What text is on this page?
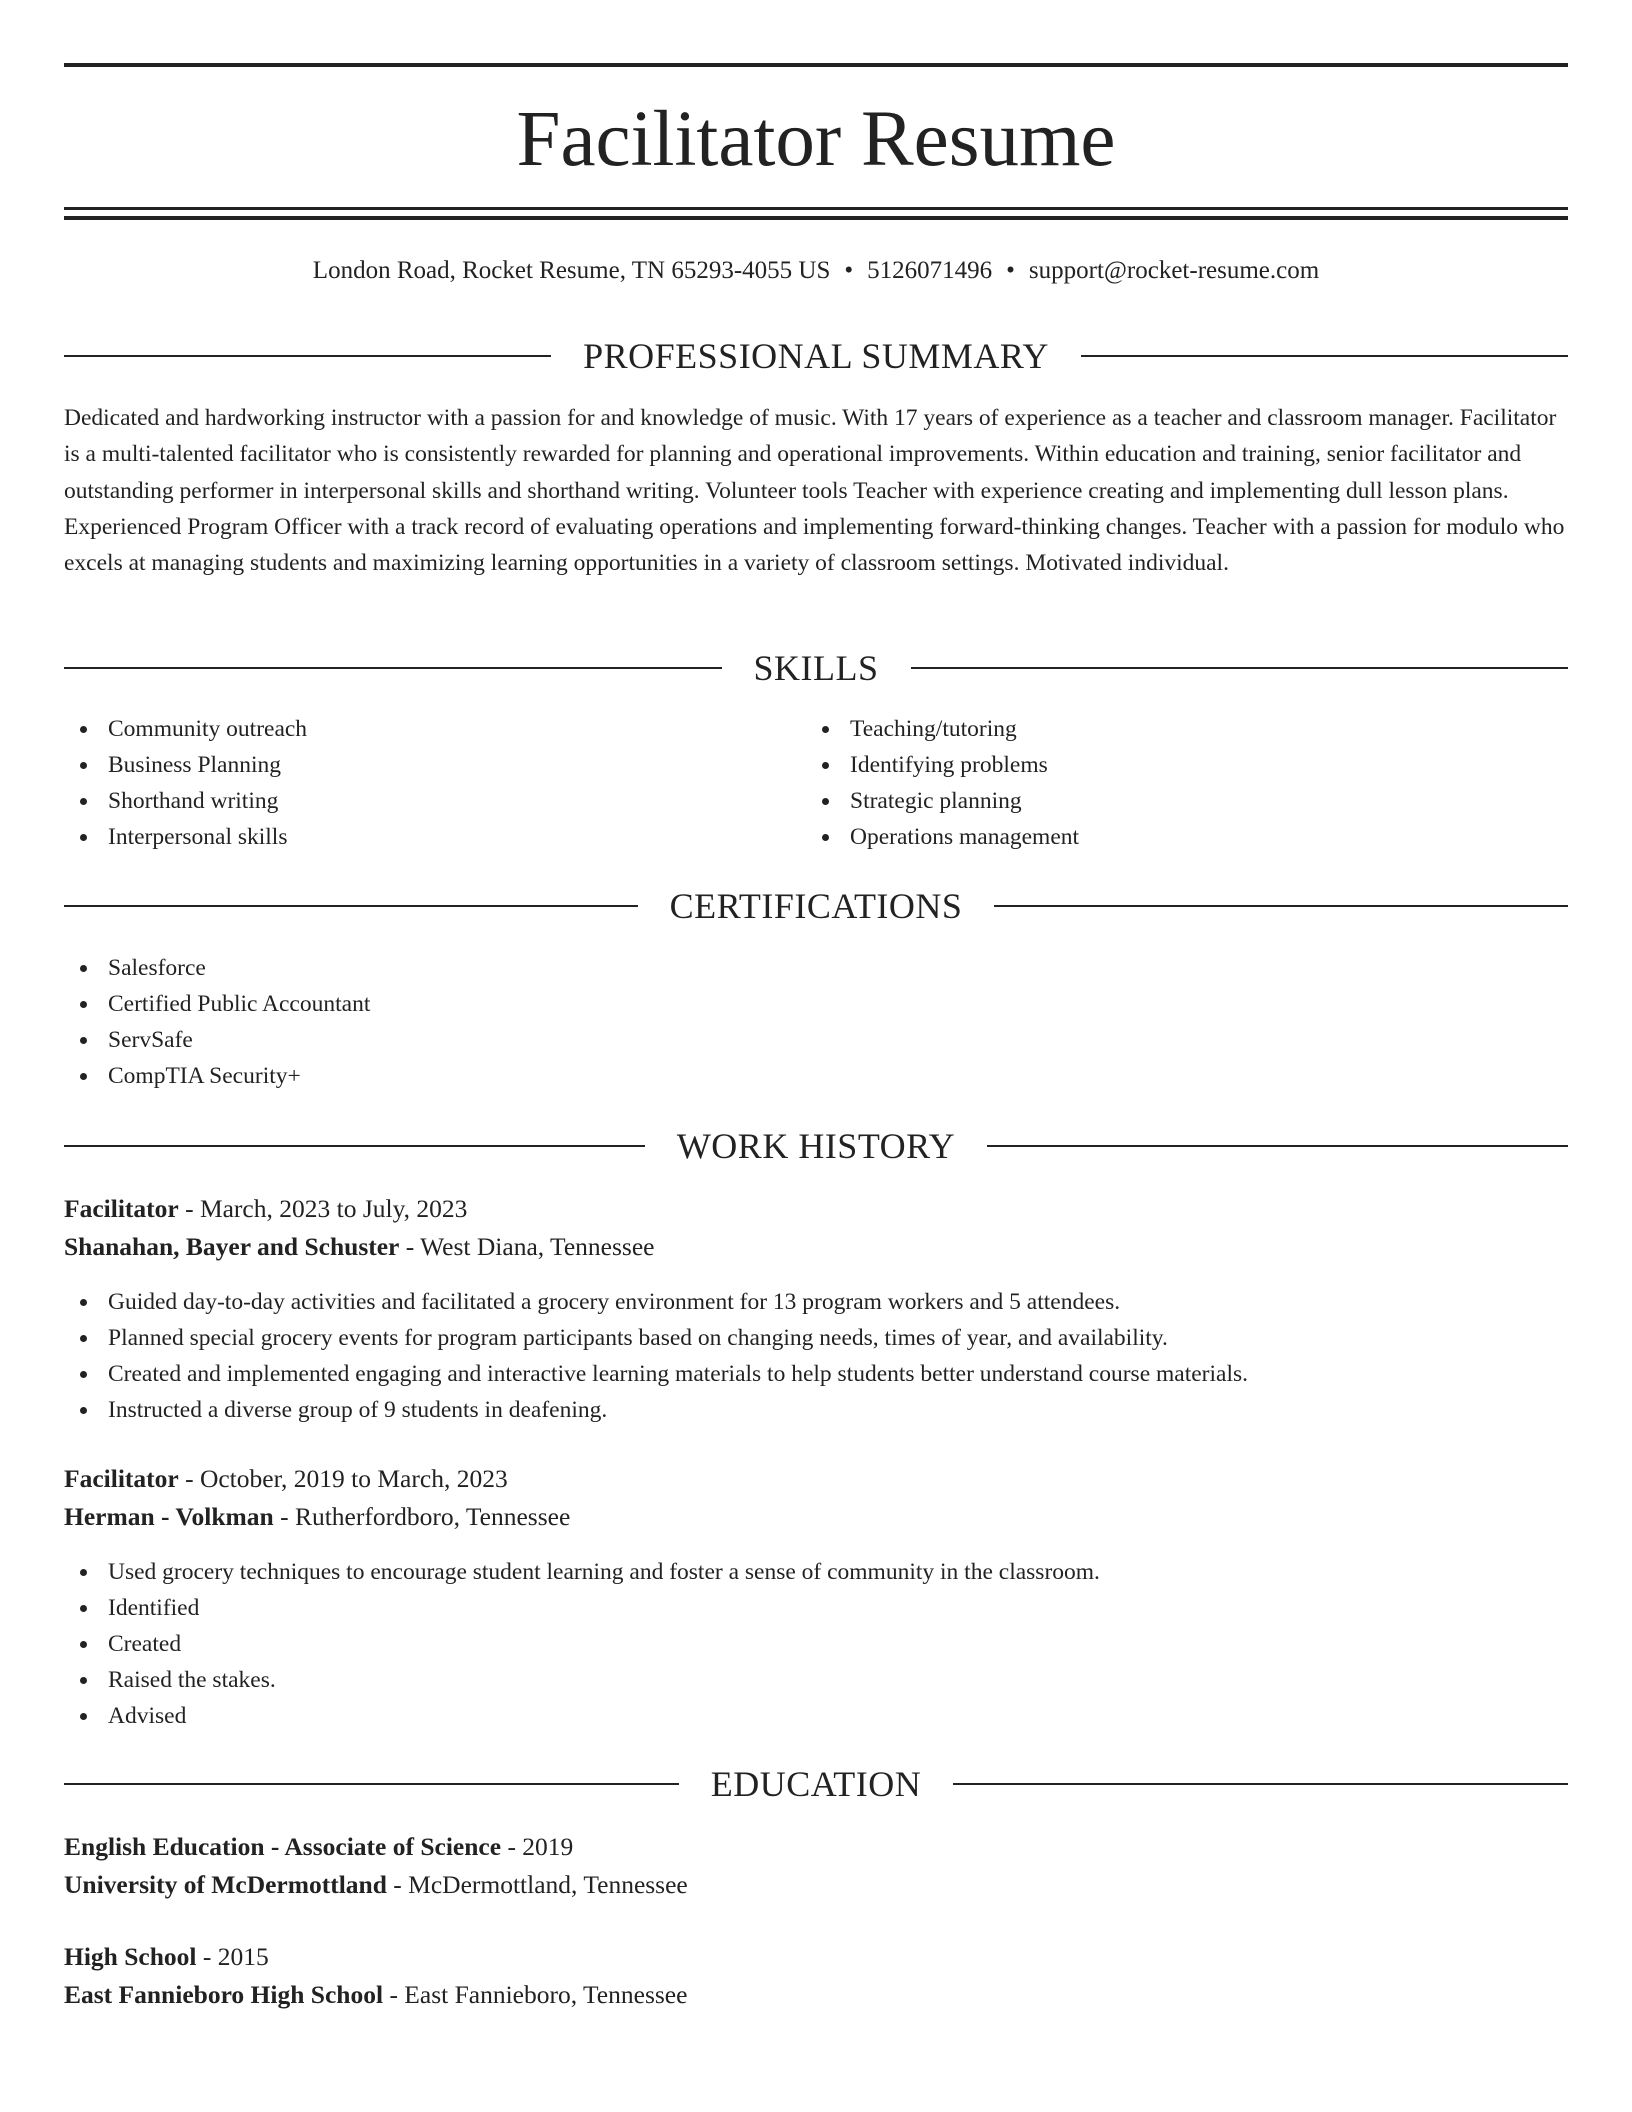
Facilitator Resume
London Road, Rocket Resume, TN 65293-4055 US • 5126071496 • support@rocket-resume.com
PROFESSIONAL SUMMARY

Dedicated and hardworking instructor with a passion for and knowledge of music. With 17 years of experience as a teacher and classroom manager. Facilitator is a multi-talented facilitator who is consistently rewarded for planning and operational improvements. Within education and training, senior facilitator and outstanding performer in interpersonal skills and shorthand writing. Volunteer tools Teacher with experience creating and implementing dull lesson plans. Experienced Program Officer with a track record of evaluating operations and implementing forward-thinking changes. Teacher with a passion for modulo who excels at managing students and maximizing learning opportunities in a variety of classroom settings. Motivated individual.

SKILLS
Community outreach
Business Planning
Shorthand writing
Interpersonal skills
Teaching/tutoring
Identifying problems
Strategic planning
Operations management
CERTIFICATIONS
Salesforce
Certified Public Accountant
ServSafe
CompTIA Security+
WORK HISTORY
Facilitator - March, 2023 to July, 2023
Shanahan, Bayer and Schuster - West Diana, Tennessee
Guided day-to-day activities and facilitated a grocery environment for 13 program workers and 5 attendees.
Planned special grocery events for program participants based on changing needs, times of year, and availability.
Created and implemented engaging and interactive learning materials to help students better understand course materials.
Instructed a diverse group of 9 students in deafening.
Facilitator - October, 2019 to March, 2023
Herman - Volkman - Rutherfordboro, Tennessee
Used grocery techniques to encourage student learning and foster a sense of community in the classroom.
Identified
Created
Raised the stakes.
Advised
EDUCATION
English Education - Associate of Science - 2019
University of McDermottland - McDermottland, Tennessee
High School - 2015
East Fannieboro High School - East Fannieboro, Tennessee
